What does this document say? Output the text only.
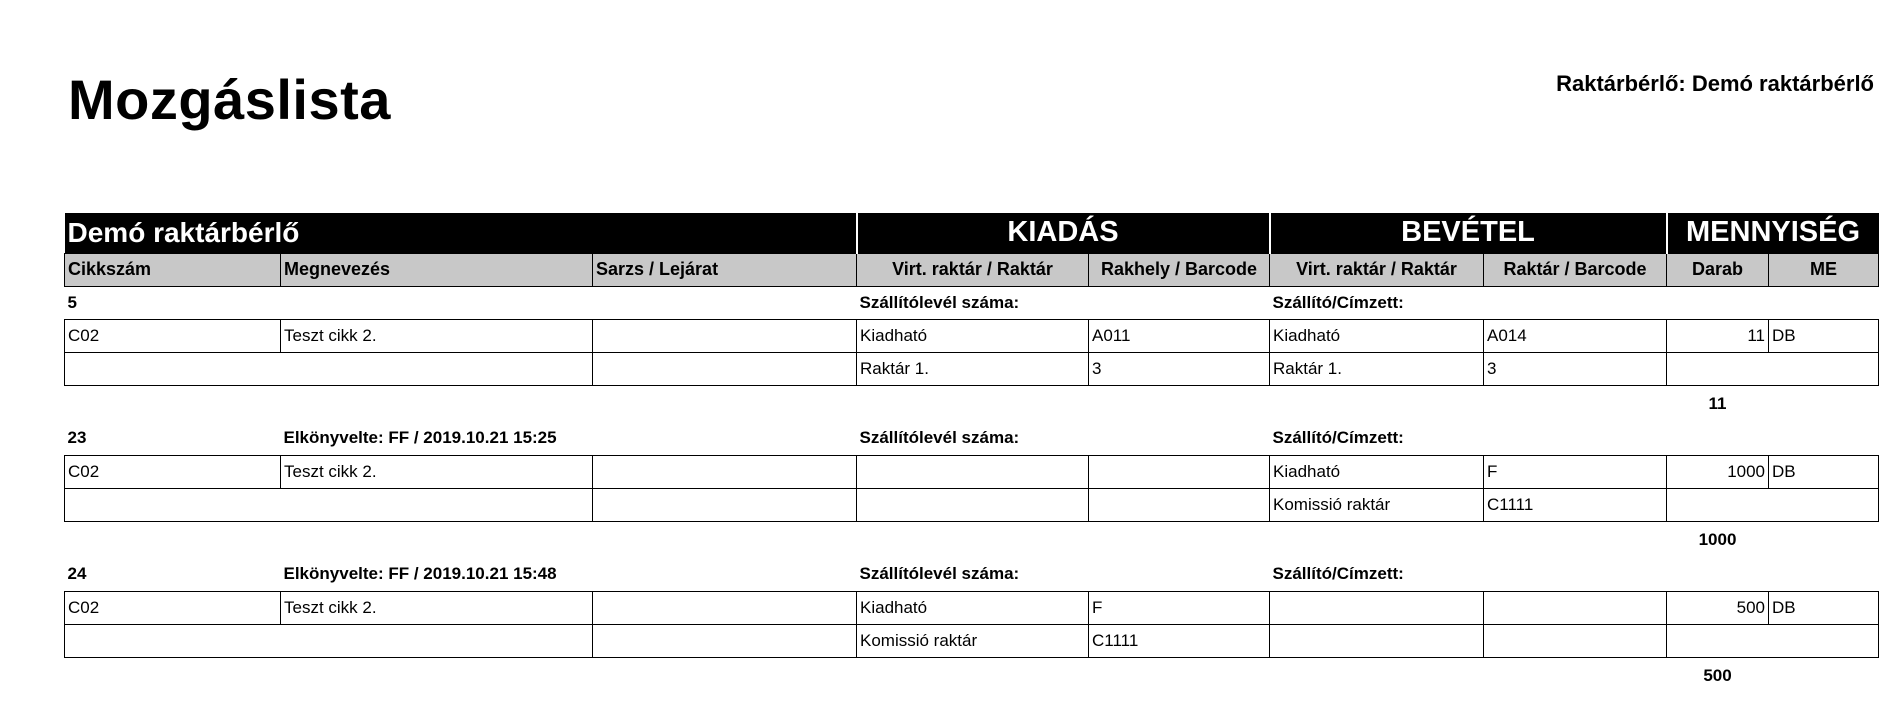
Mozgáslista	Raktárbérlő: Demó raktárbérlő
Demó raktárbérlő			KIADÁS		BEVÉTEL		MENNYISÉG	
Cikkszám	Megnevezés	Sarzs / Lejárat	Virt. raktár / Raktár	Rakhely / Barcode	Virt. raktár / Raktár	Raktár / Barcode	Darab	ME
5			Szállítólevél száma:		Szállító/Címzett:			
C02	Teszt cikk 2.		Kiadható	A011	Kiadható	A014	11	DB
			Raktár 1.	3	Raktár 1.	3		
							11	
23	Elkönyvelte: FF / 2019.10.21 15:25		Szállítólevél száma:		Szállító/Címzett:			
C02	Teszt cikk 2.				Kiadható	F	1000	DB
					Komissió raktár	C1111		
							1000	
24	Elkönyvelte: FF / 2019.10.21 15:48		Szállítólevél száma:		Szállító/Címzett:			
C02	Teszt cikk 2.		Kiadható	F			500	DB
			Komissió raktár	C1111				
							500	
